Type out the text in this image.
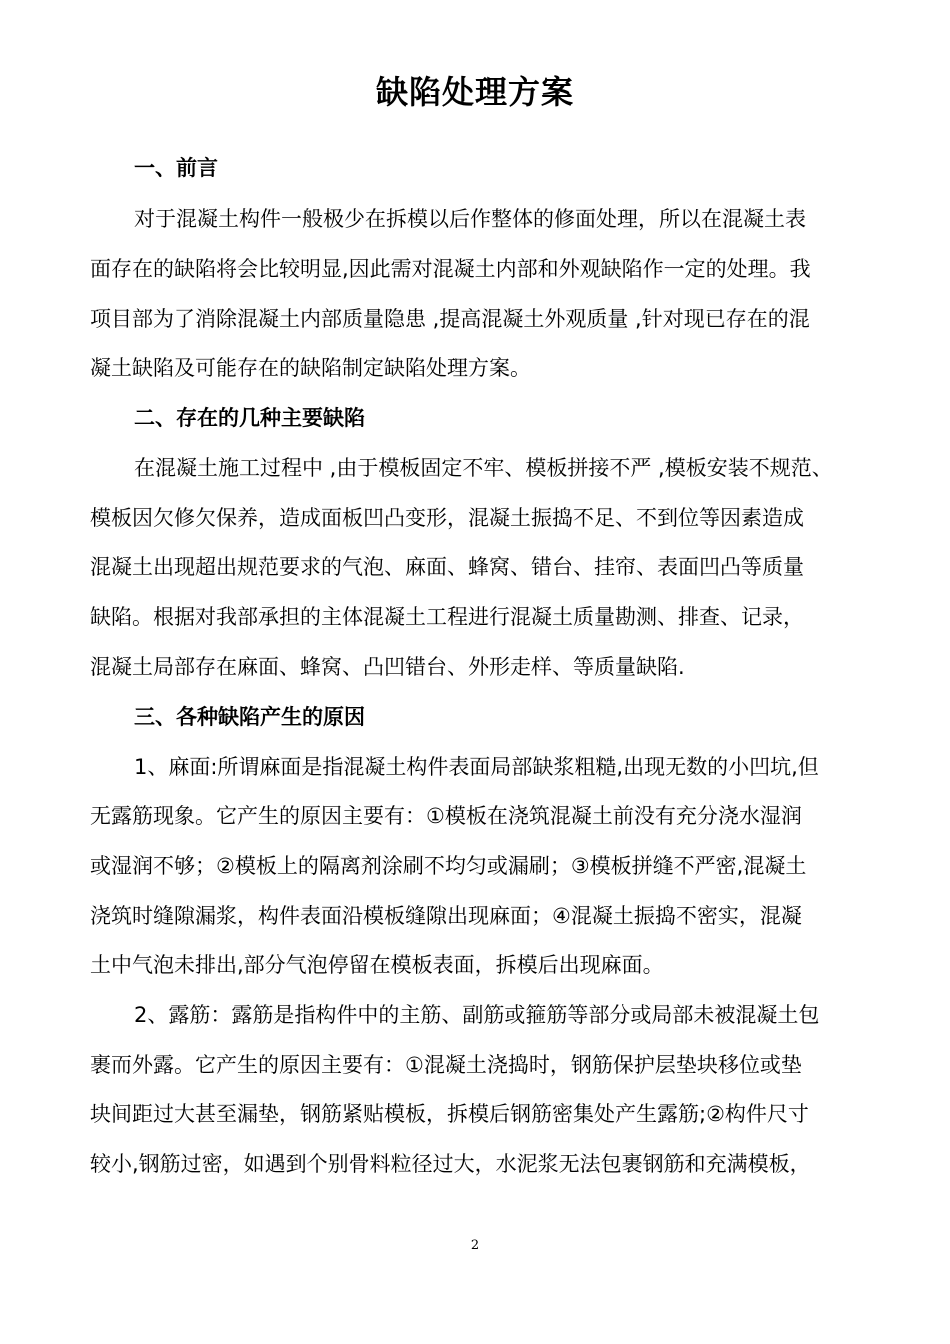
缺陷处理方案
一、前言
对于混凝土构件一般极少在拆模以后作整体的修面处理，所以在混凝土表
面存在的缺陷将会比较明显,因此需对混凝土内部和外观缺陷作一定的处理。我
项目部为了消除混凝土内部质量隐患 ,提高混凝土外观质量 ,针对现已存在的混
凝土缺陷及可能存在的缺陷制定缺陷处理方案。
二、存在的几种主要缺陷
在混凝土施工过程中 ,由于模板固定不牢、模板拼接不严 ,模板安装不规范、
模板因欠修欠保养，造成面板凹凸变形，混凝土振捣不足、不到位等因素造成
混凝土出现超出规范要求的气泡、麻面、蜂窝、错台、挂帘、表面凹凸等质量
缺陷。根据对我部承担的主体混凝土工程进行混凝土质量勘测、排查、记录，
混凝土局部存在麻面、蜂窝、凸凹错台、外形走样、等质量缺陷.
三、各种缺陷产生的原因
1、麻面:所谓麻面是指混凝土构件表面局部缺浆粗糙,出现无数的小凹坑,但
无露筋现象。它产生的原因主要有：①模板在浇筑混凝土前没有充分浇水湿润
或湿润不够；②模板上的隔离剂涂刷不均匀或漏刷；③模板拼缝不严密,混凝土
浇筑时缝隙漏浆，构件表面沿模板缝隙出现麻面；④混凝土振捣不密实，混凝
土中气泡未排出,部分气泡停留在模板表面，拆模后出现麻面。
2、露筋：露筋是指构件中的主筋、副筋或箍筋等部分或局部未被混凝土包
裹而外露。它产生的原因主要有：①混凝土浇捣时，钢筋保护层垫块移位或垫
块间距过大甚至漏垫，钢筋紧贴模板，拆模后钢筋密集处产生露筋;②构件尺寸
较小,钢筋过密，如遇到个别骨料粒径过大，水泥浆无法包裹钢筋和充满模板，
2
